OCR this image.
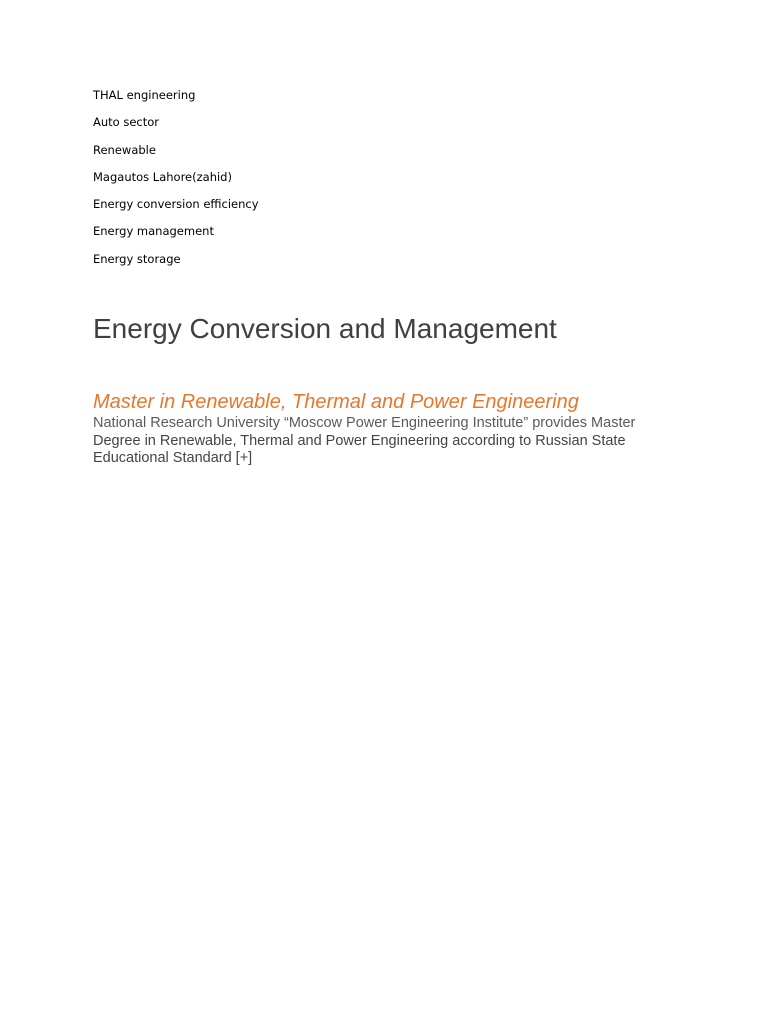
THAL engineering
Auto sector
Renewable
Magautos Lahore(zahid)
Energy conversion efficiency
Energy management
Energy storage
Energy Conversion and Management
Master in Renewable, Thermal and Power Engineering

National Research University “Moscow Power Engineering Institute” provides Master
Degree in Renewable, Thermal and Power Engineering according to Russian State
Educational Standard [+]
